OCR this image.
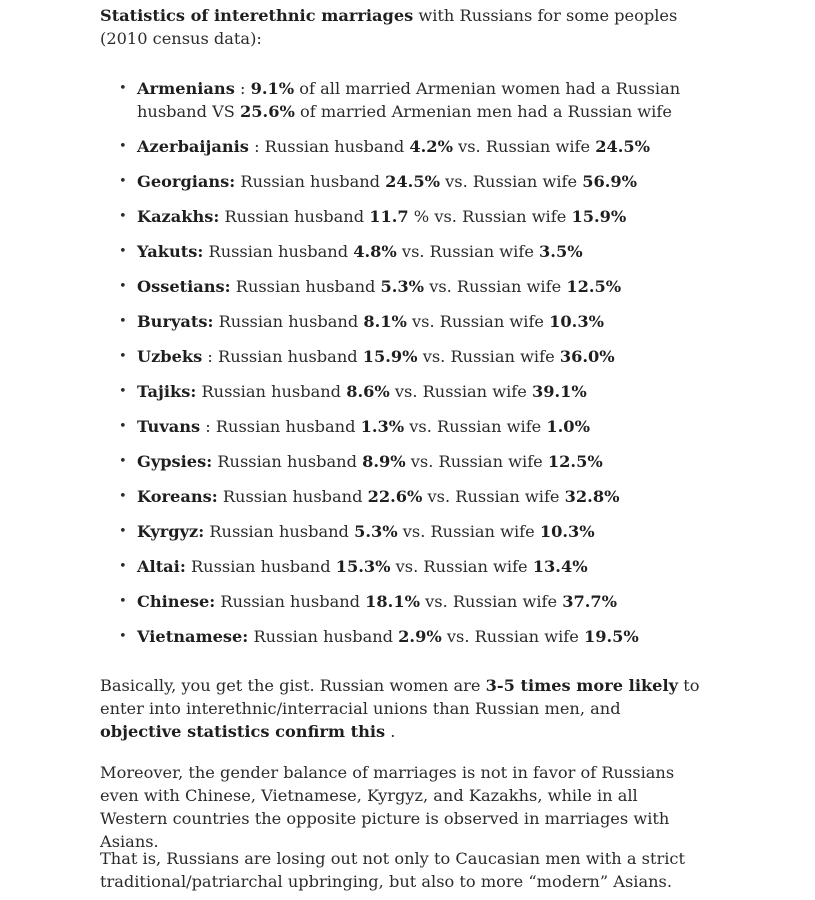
Statistics of interethnic marriages with Russians for some peoples (2010 census data):

• Armenians : 9.1% of all married Armenian women had a Russian husband VS 25.6% of married Armenian men had a Russian wife
• Azerbaijanis : Russian husband 4.2% vs. Russian wife 24.5%
• Georgians: Russian husband 24.5% vs. Russian wife 56.9%
• Kazakhs: Russian husband 11.7 % vs. Russian wife 15.9%
• Yakuts: Russian husband 4.8% vs. Russian wife 3.5%
• Ossetians: Russian husband 5.3% vs. Russian wife 12.5%
• Buryats: Russian husband 8.1% vs. Russian wife 10.3%
• Uzbeks : Russian husband 15.9% vs. Russian wife 36.0%
• Tajiks: Russian husband 8.6% vs. Russian wife 39.1%
• Tuvans : Russian husband 1.3% vs. Russian wife 1.0%
• Gypsies: Russian husband 8.9% vs. Russian wife 12.5%
• Koreans: Russian husband 22.6% vs. Russian wife 32.8%
• Kyrgyz: Russian husband 5.3% vs. Russian wife 10.3%
• Altai: Russian husband 15.3% vs. Russian wife 13.4%
• Chinese: Russian husband 18.1% vs. Russian wife 37.7%
• Vietnamese: Russian husband 2.9% vs. Russian wife 19.5%

Basically, you get the gist. Russian women are 3-5 times more likely to enter into interethnic/interracial unions than Russian men, and objective statistics confirm this .

Moreover, the gender balance of marriages is not in favor of Russians even with Chinese, Vietnamese, Kyrgyz, and Kazakhs, while in all Western countries the opposite picture is observed in marriages with Asians.

That is, Russians are losing out not only to Caucasian men with a strict traditional/patriarchal upbringing, but also to more “modern” Asians.
